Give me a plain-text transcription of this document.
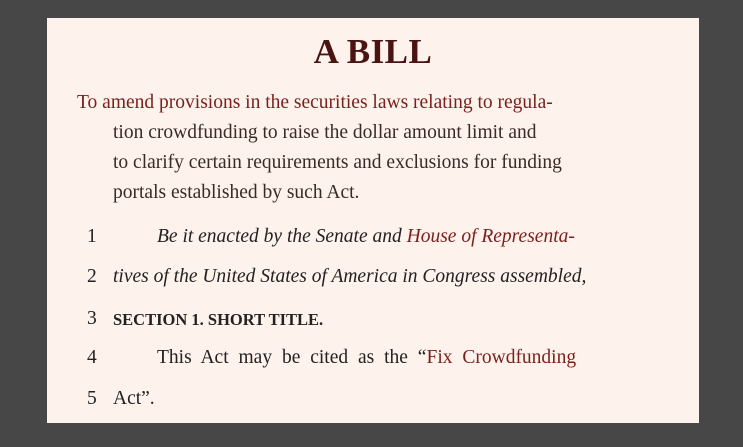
A BILL
To amend provisions in the securities laws relating to regula-
tion crowdfunding to raise the dollar amount limit and
to clarify certain requirements and exclusions for funding
portals established by such Act.
1	Be it enacted by the Senate and House of Representa-
2 tives of the United States of America in Congress assembled,
3 SECTION 1. SHORT TITLE.
4	This Act may be cited as the “Fix Crowdfunding
5 Act”.
